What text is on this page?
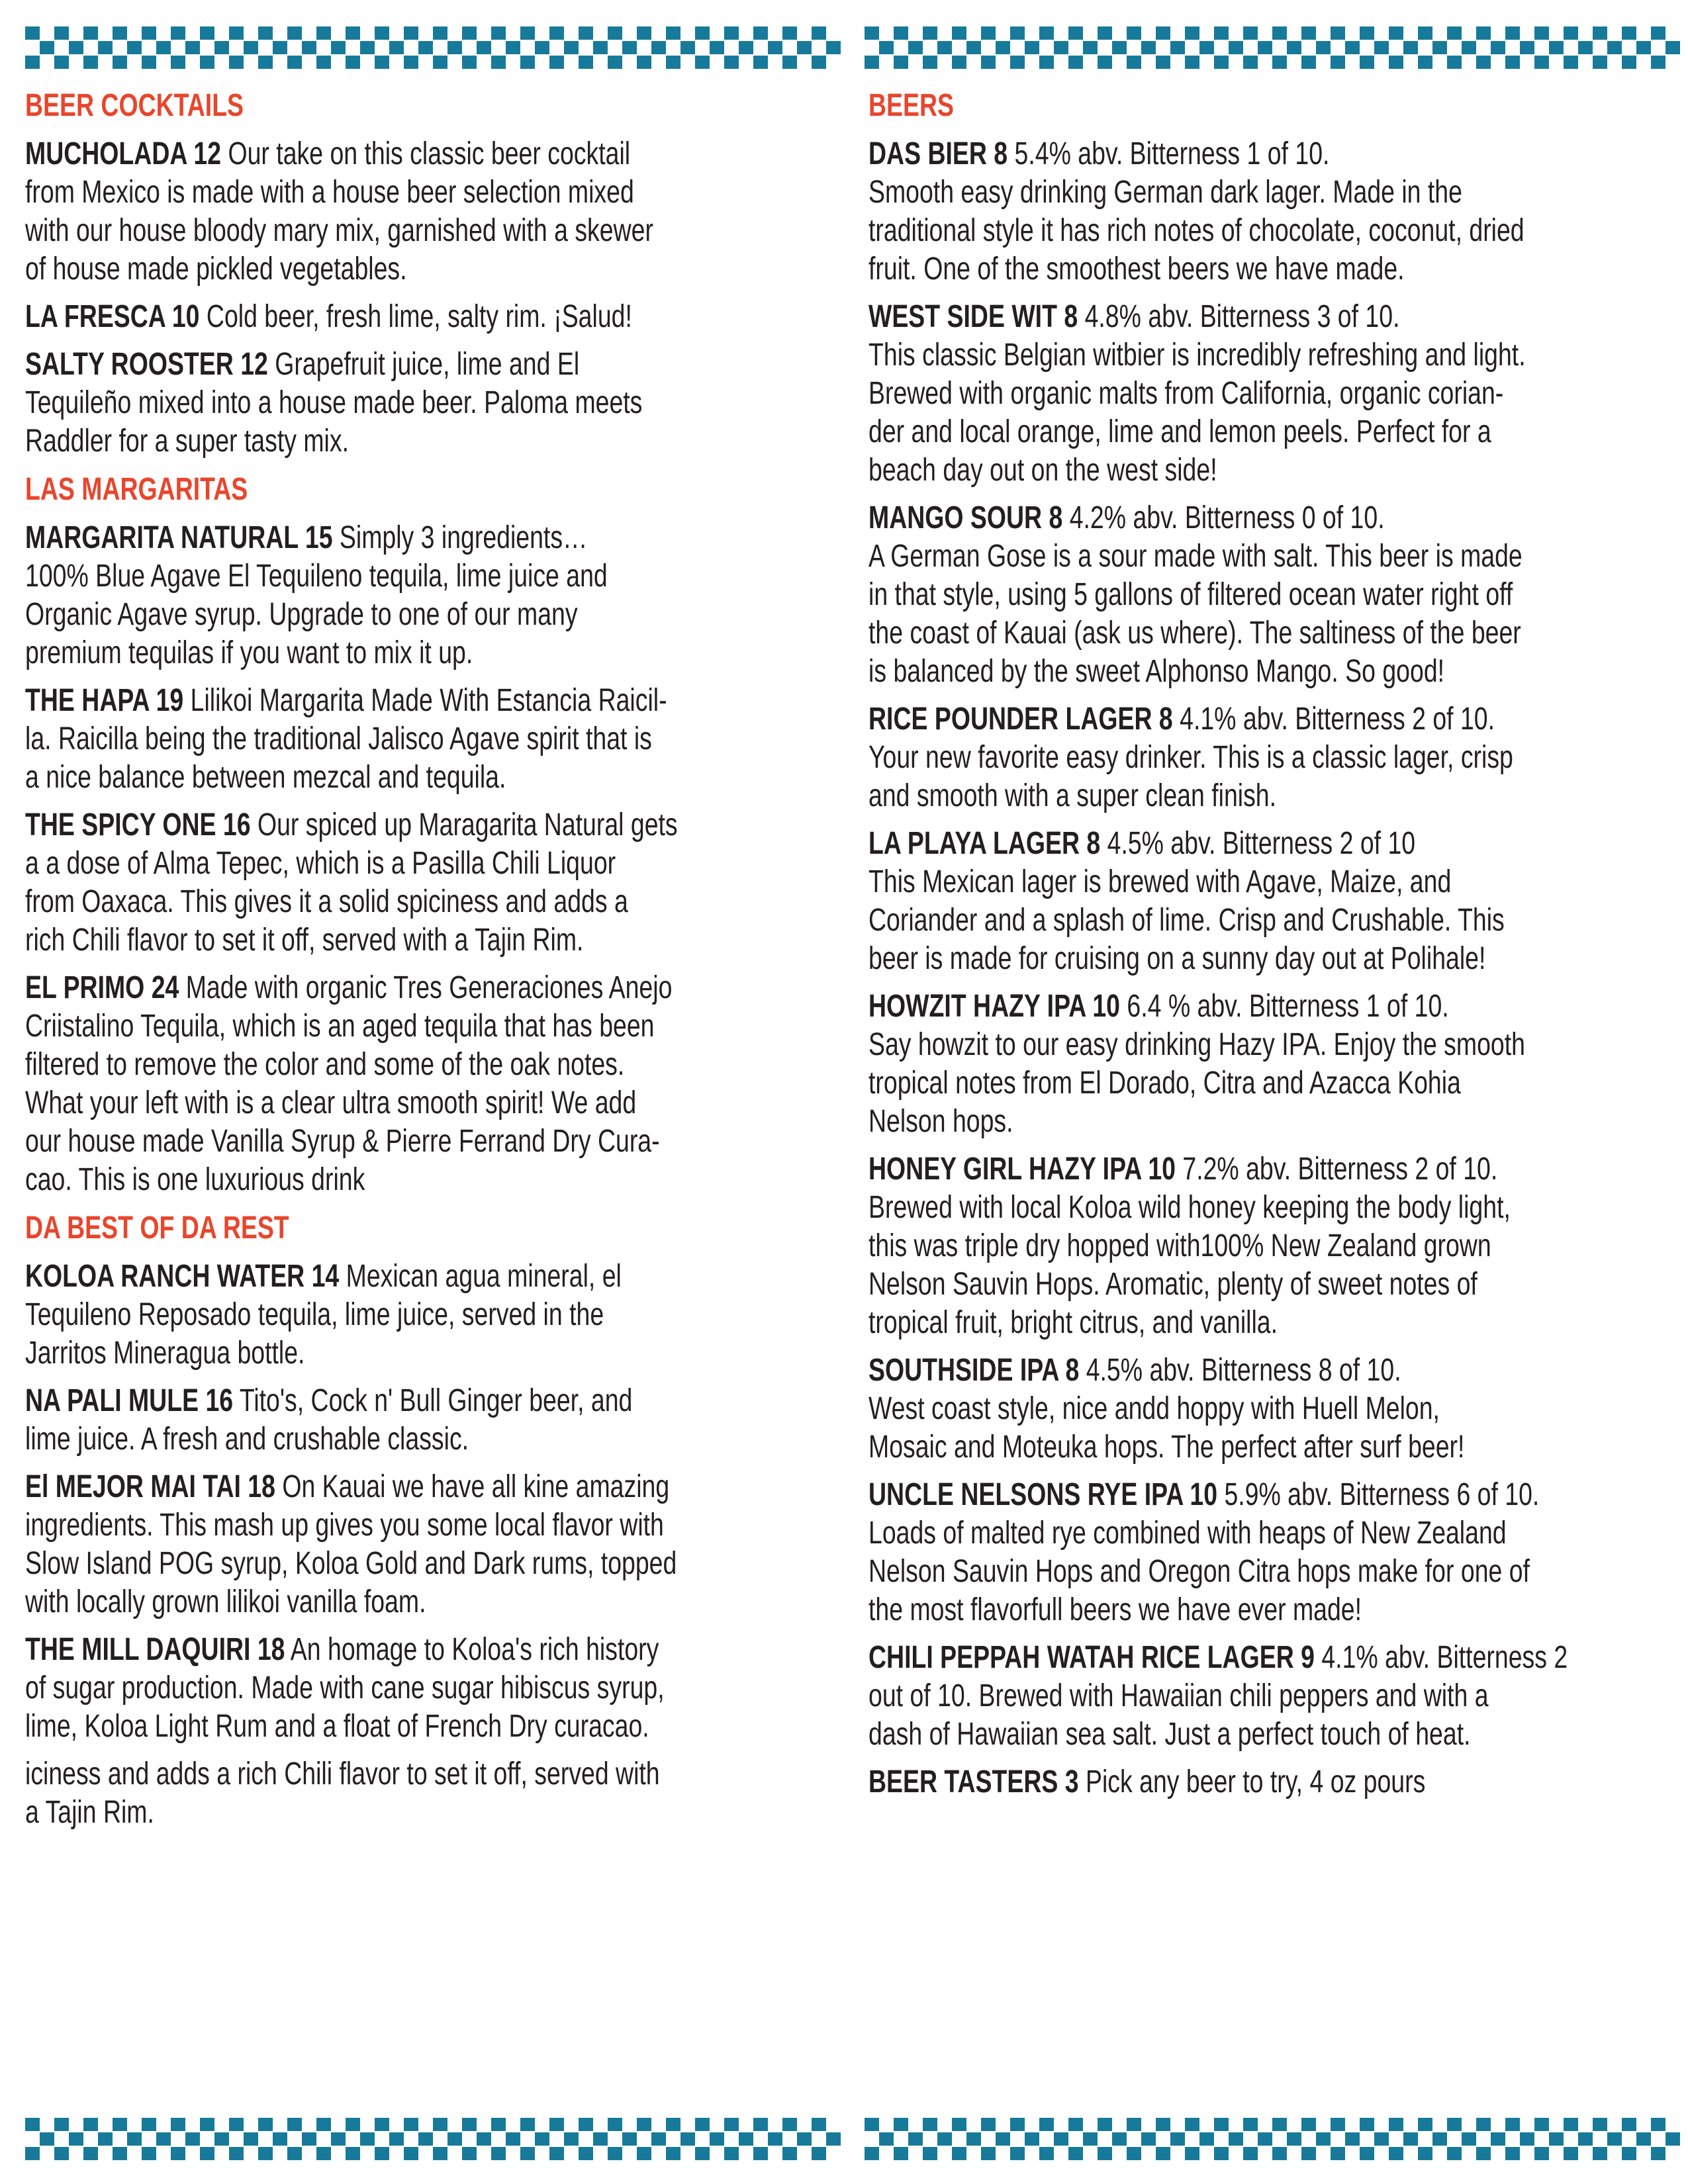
BEER COCKTAILS
MUCHOLADA 12 Our take on this classic beer cocktail
from Mexico is made with a house beer selection mixed
with our house bloody mary mix, garnished with a skewer
of house made pickled vegetables.
LA FRESCA 10 Cold beer, fresh lime, salty rim. ¡Salud!
SALTY ROOSTER 12 Grapefruit juice, lime and El
Tequileño mixed into a house made beer. Paloma meets
Raddler for a super tasty mix.
LAS MARGARITAS
MARGARITA NATURAL 15 Simply 3 ingredients…
100% Blue Agave El Tequileno tequila, lime juice and
Organic Agave syrup. Upgrade to one of our many
premium tequilas if you want to mix it up.
THE HAPA 19 Lilikoi Margarita Made With Estancia Raicil-
la. Raicilla being the traditional Jalisco Agave spirit that is
a nice balance between mezcal and tequila.
THE SPICY ONE 16 Our spiced up Maragarita Natural gets
a a dose of Alma Tepec, which is a Pasilla Chili Liquor
from Oaxaca. This gives it a solid spiciness and adds a
rich Chili flavor to set it off, served with a Tajin Rim.
EL PRIMO 24 Made with organic Tres Generaciones Anejo
Criistalino Tequila, which is an aged tequila that has been
filtered to remove the color and some of the oak notes.
What your left with is a clear ultra smooth spirit! We add
our house made Vanilla Syrup & Pierre Ferrand Dry Cura-
cao. This is one luxurious drink
DA BEST OF DA REST
KOLOA RANCH WATER 14 Mexican agua mineral, el
Tequileno Reposado tequila, lime juice, served in the
Jarritos Mineragua bottle.
NA PALI MULE 16 Tito's, Cock n' Bull Ginger beer, and
lime juice. A fresh and crushable classic.
El MEJOR MAI TAI 18 On Kauai we have all kine amazing
ingredients. This mash up gives you some local flavor with
Slow Island POG syrup, Koloa Gold and Dark rums, topped
with locally grown lilikoi vanilla foam.
THE MILL DAQUIRI 18 An homage to Koloa's rich history
of sugar production. Made with cane sugar hibiscus syrup,
lime, Koloa Light Rum and a float of French Dry curacao.
iciness and adds a rich Chili flavor to set it off, served with
a Tajin Rim.
BEERS
DAS BIER 8 5.4% abv. Bitterness 1 of 10.
Smooth easy drinking German dark lager. Made in the
traditional style it has rich notes of chocolate, coconut, dried
fruit. One of the smoothest beers we have made.
WEST SIDE WIT 8 4.8% abv. Bitterness 3 of 10.
This classic Belgian witbier is incredibly refreshing and light.
Brewed with organic malts from California, organic corian-
der and local orange, lime and lemon peels. Perfect for a
beach day out on the west side!
MANGO SOUR 8 4.2% abv. Bitterness 0 of 10.
A German Gose is a sour made with salt. This beer is made
in that style, using 5 gallons of filtered ocean water right off
the coast of Kauai (ask us where). The saltiness of the beer
is balanced by the sweet Alphonso Mango. So good!
RICE POUNDER LAGER 8 4.1% abv. Bitterness 2 of 10.
Your new favorite easy drinker. This is a classic lager, crisp
and smooth with a super clean finish.
LA PLAYA LAGER 8 4.5% abv. Bitterness 2 of 10
This Mexican lager is brewed with Agave, Maize, and
Coriander and a splash of lime. Crisp and Crushable. This
beer is made for cruising on a sunny day out at Polihale!
HOWZIT HAZY IPA 10 6.4 % abv. Bitterness 1 of 10.
Say howzit to our easy drinking Hazy IPA. Enjoy the smooth
tropical notes from El Dorado, Citra and Azacca Kohia
Nelson hops.
HONEY GIRL HAZY IPA 10 7.2% abv. Bitterness 2 of 10.
Brewed with local Koloa wild honey keeping the body light,
this was triple dry hopped with100% New Zealand grown
Nelson Sauvin Hops. Aromatic, plenty of sweet notes of
tropical fruit, bright citrus, and vanilla.
SOUTHSIDE IPA 8 4.5% abv. Bitterness 8 of 10.
West coast style, nice andd hoppy with Huell Melon,
Mosaic and Moteuka hops. The perfect after surf beer!
UNCLE NELSONS RYE IPA 10 5.9% abv. Bitterness 6 of 10.
Loads of malted rye combined with heaps of New Zealand
Nelson Sauvin Hops and Oregon Citra hops make for one of
the most flavorfull beers we have ever made!
CHILI PEPPAH WATAH RICE LAGER 9 4.1% abv. Bitterness 2
out of 10. Brewed with Hawaiian chili peppers and with a
dash of Hawaiian sea salt. Just a perfect touch of heat.
BEER TASTERS 3 Pick any beer to try, 4 oz pours
